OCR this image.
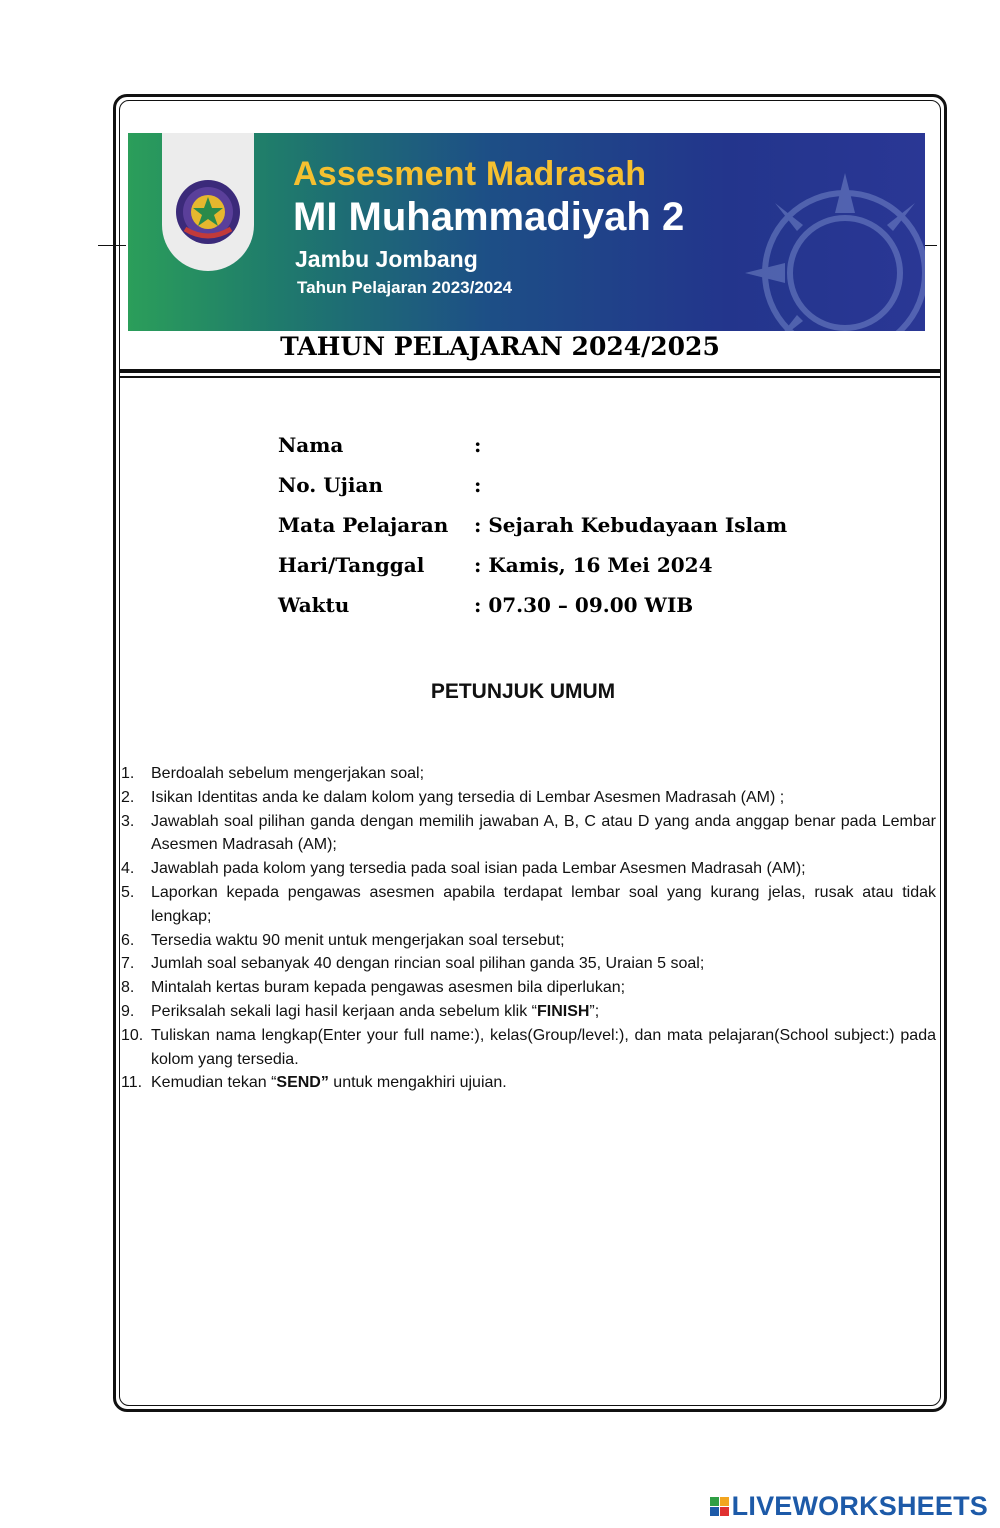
Assesment Madrasah
MI Muhammadiyah 2
Jambu Jombang
Tahun Pelajaran 2023/2024
TAHUN PELAJARAN 2024/2025
Nama	:
No. Ujian	:
Mata Pelajaran	: Sejarah Kebudayaan Islam
Hari/Tanggal	: Kamis, 16 Mei 2024
Waktu	: 07.30 – 09.00 WIB
PETUNJUK UMUM
1.	Berdoalah sebelum mengerjakan soal;
2.	Isikan Identitas anda ke dalam kolom yang tersedia di Lembar Asesmen Madrasah (AM) ;
3.	Jawablah soal pilihan ganda dengan memilih jawaban A, B, C atau D yang anda anggap benar pada Lembar Asesmen Madrasah (AM);
4.	Jawablah pada kolom yang tersedia pada soal isian pada Lembar Asesmen Madrasah (AM);
5.	Laporkan kepada pengawas asesmen apabila terdapat lembar soal yang kurang jelas, rusak atau tidak lengkap;
6.	Tersedia waktu 90 menit untuk mengerjakan soal tersebut;
7.	Jumlah soal sebanyak 40 dengan rincian soal pilihan ganda 35, Uraian 5 soal;
8.	Mintalah kertas buram kepada pengawas asesmen bila diperlukan;
9.	Periksalah sekali lagi hasil kerjaan anda sebelum klik “FINISH”;
10. Tuliskan nama lengkap(Enter your full name:), kelas(Group/level:), dan mata pelajaran(School subject:) pada kolom yang tersedia.
11. Kemudian tekan “SEND” untuk mengakhiri ujuian.
LIVEWORKSHEETS
